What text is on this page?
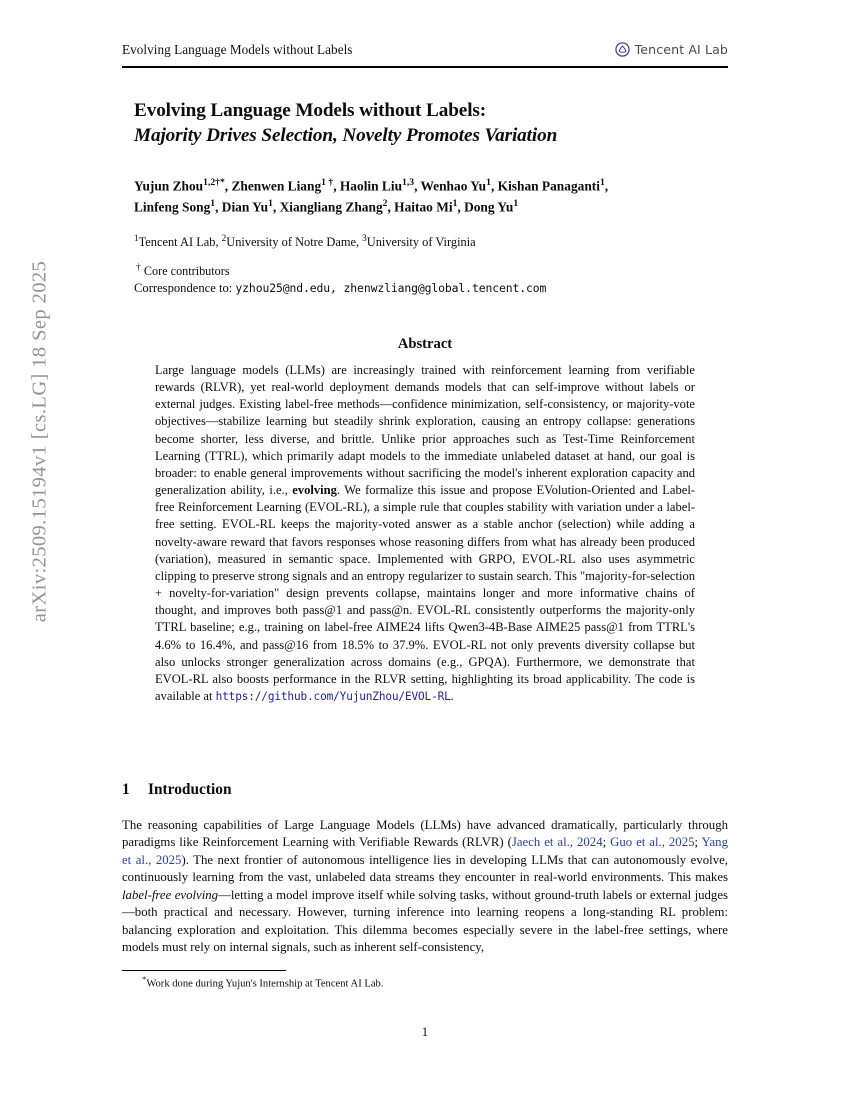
arXiv:2509.15194v1 [cs.LG] 18 Sep 2025
Evolving Language Models without Labels	Tencent AI Lab
Evolving Language Models without Labels:
Majority Drives Selection, Novelty Promotes Variation
Yujun Zhou$^{1,2\dagger*}$, Zhenwen Liang$^{1 \dagger}$, Haolin Liu$^{1,3}$, Wenhao Yu$^1$, Kishan Panaganti$^1$,
Linfeng Song$^1$, Dian Yu$^1$, Xiangliang Zhang$^2$, Haitao Mi$^1$, Dong Yu$^1$
$^1$Tencent AI Lab, $^2$University of Notre Dame, $^3$University of Virginia
† Core contributors
Correspondence to: yzhou25@nd.edu, zhenwzliang@global.tencent.com
Abstract
Large language models (LLMs) are increasingly trained with reinforcement learning from verifiable rewards (RLVR), yet real-world deployment demands models that can self-improve without labels or external judges. Existing label-free methods—confidence minimization, self-consistency, or majority-vote objectives—stabilize learning but steadily shrink exploration, causing an entropy collapse: generations become shorter, less diverse, and brittle. Unlike prior approaches such as Test-Time Reinforcement Learning (TTRL), which primarily adapt models to the immediate unlabeled dataset at hand, our goal is broader: to enable general improvements without sacrificing the model's inherent exploration capacity and generalization ability, i.e., evolving. We formalize this issue and propose EVolution-Oriented and Label-free Reinforcement Learning (EVOL-RL), a simple rule that couples stability with variation under a label-free setting. EVOL-RL keeps the majority-voted answer as a stable anchor (selection) while adding a novelty-aware reward that favors responses whose reasoning differs from what has already been produced (variation), measured in semantic space. Implemented with GRPO, EVOL-RL also uses asymmetric clipping to preserve strong signals and an entropy regularizer to sustain search. This "majority-for-selection + novelty-for-variation" design prevents collapse, maintains longer and more informative chains of thought, and improves both pass@1 and pass@n. EVOL-RL consistently outperforms the majority-only TTRL baseline; e.g., training on label-free AIME24 lifts Qwen3-4B-Base AIME25 pass@1 from TTRL's 4.6% to 16.4%, and pass@16 from 18.5% to 37.9%. EVOL-RL not only prevents diversity collapse but also unlocks stronger generalization across domains (e.g., GPQA). Furthermore, we demonstrate that EVOL-RL also boosts performance in the RLVR setting, highlighting its broad applicability. The code is available at https://github.com/YujunZhou/EVOL-RL.
1 Introduction
The reasoning capabilities of Large Language Models (LLMs) have advanced dramatically, particularly through paradigms like Reinforcement Learning with Verifiable Rewards (RLVR) (Jaech et al., 2024; Guo et al., 2025; Yang et al., 2025). The next frontier of autonomous intelligence lies in developing LLMs that can autonomously evolve, continuously learning from the vast, unlabeled data streams they encounter in real-world environments. This makes label-free evolving—letting a model improve itself while solving tasks, without ground-truth labels or external judges—both practical and necessary. However, turning inference into learning reopens a long-standing RL problem: balancing exploration and exploitation. This dilemma becomes especially severe in the label-free settings, where models must rely on internal signals, such as inherent self-consistency,
*Work done during Yujun's Internship at Tencent AI Lab.
1
